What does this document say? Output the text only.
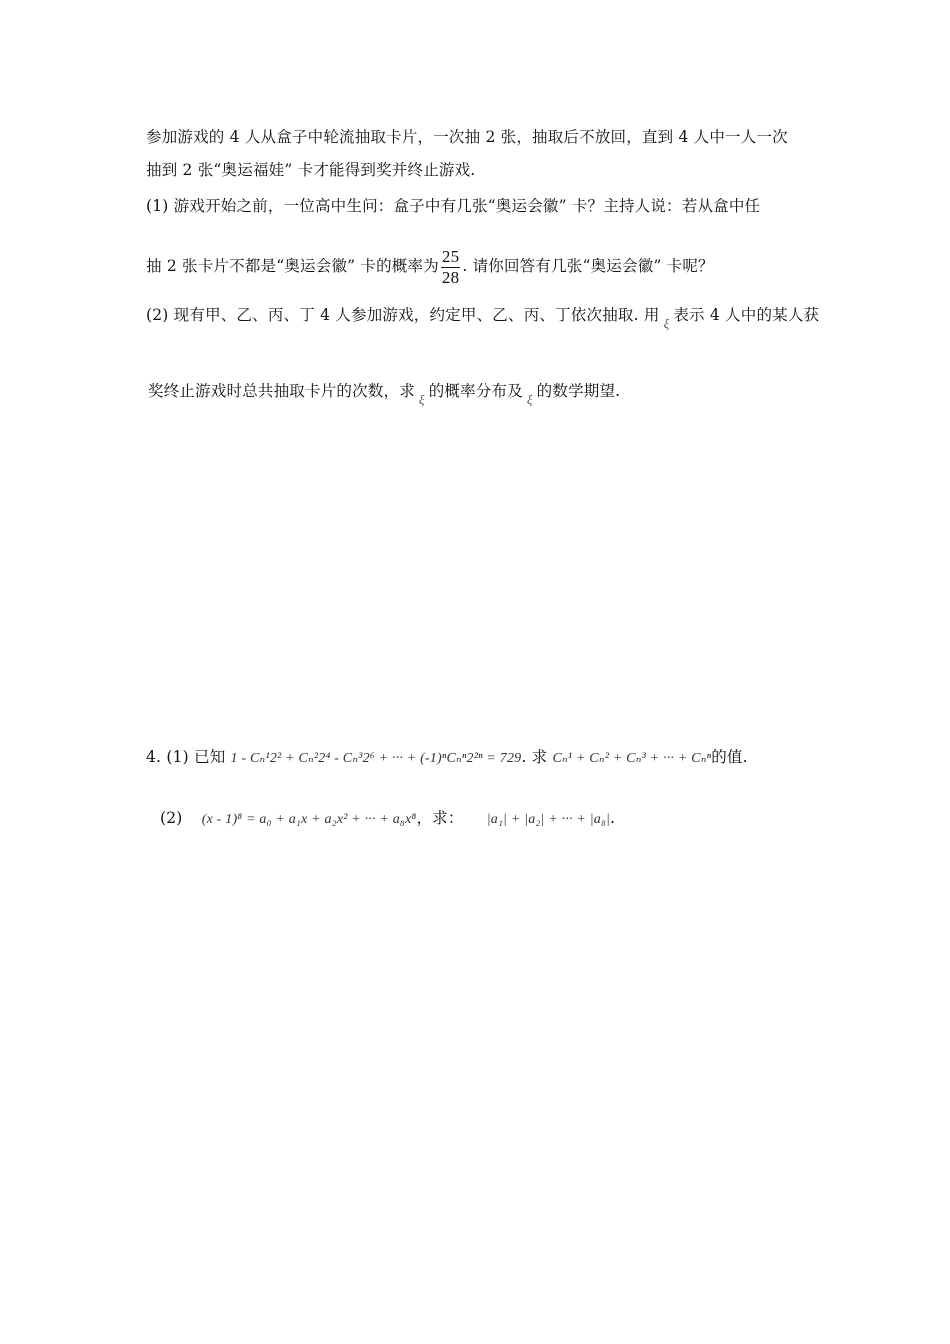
参加游戏的 4 人从盒子中轮流抽取卡片，一次抽 2 张，抽取后不放回，直到 4 人中一人一次
抽到 2 张“奥运福娃” 卡才能得到奖并终止游戏.
(1) 游戏开始之前，一位高中生问：盒子中有几张“奥运会徽” 卡？主持人说：若从盒中任
抽 2 张卡片不都是“奥运会徽” 卡的概率为 $\frac{25}{28}$ . 请你回答有几张“奥运会徽” 卡呢？
(2) 现有甲、乙、丙、丁 4 人参加游戏，约定甲、乙、丙、丁依次抽取. 用 ξ 表示 4 人中的某人获
奖终止游戏时总共抽取卡片的次数，求 ξ 的概率分布及 ξ 的数学期望.
4. (1) 已知 1 - Cₙ¹2² + Cₙ²2⁴ - Cₙ³2⁶ + ··· + (-1)ⁿCₙⁿ2²ⁿ = 729. 求 Cₙ¹ + Cₙ² + Cₙ³ + ··· + Cₙⁿ的值.
(2) (x - 1)⁸ = a₀ + a₁x + a₂x² + ··· + a₈x⁸，求： |a₁| + |a₂| + ··· + |a₈|.
